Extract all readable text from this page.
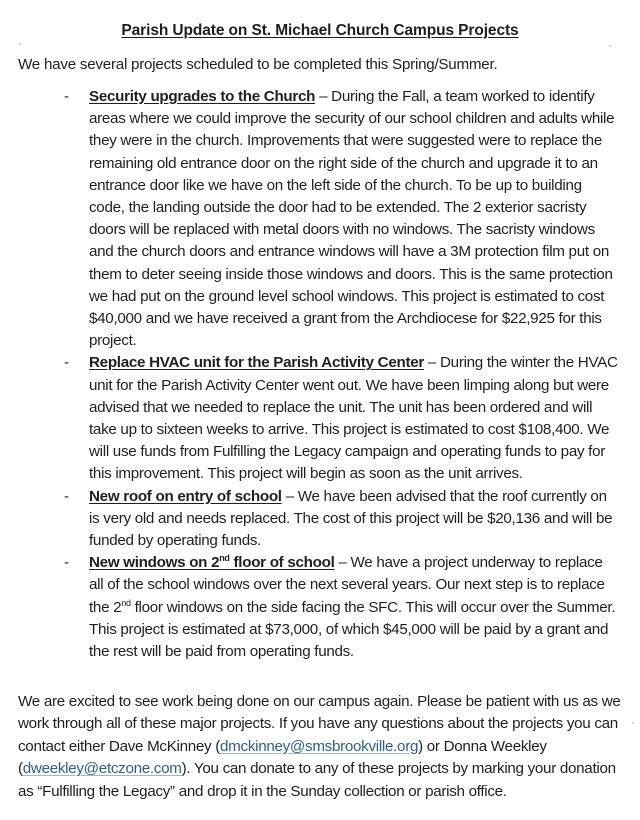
Parish Update on St. Michael Church Campus Projects
We have several projects scheduled to be completed this Spring/Summer.
- Security upgrades to the Church – During the Fall, a team worked to identify areas where we could improve the security of our school children and adults while they were in the church. Improvements that were suggested were to replace the remaining old entrance door on the right side of the church and upgrade it to an entrance door like we have on the left side of the church. To be up to building code, the landing outside the door had to be extended. The 2 exterior sacristy doors will be replaced with metal doors with no windows. The sacristy windows and the church doors and entrance windows will have a 3M protection film put on them to deter seeing inside those windows and doors. This is the same protection we had put on the ground level school windows. This project is estimated to cost $40,000 and we have received a grant from the Archdiocese for $22,925 for this project.
- Replace HVAC unit for the Parish Activity Center – During the winter the HVAC unit for the Parish Activity Center went out. We have been limping along but were advised that we needed to replace the unit. The unit has been ordered and will take up to sixteen weeks to arrive. This project is estimated to cost $108,400. We will use funds from Fulfilling the Legacy campaign and operating funds to pay for this improvement. This project will begin as soon as the unit arrives.
- New roof on entry of school – We have been advised that the roof currently on is very old and needs replaced. The cost of this project will be $20,136 and will be funded by operating funds.
- New windows on 2nd floor of school – We have a project underway to replace all of the school windows over the next several years. Our next step is to replace the 2nd floor windows on the side facing the SFC. This will occur over the Summer. This project is estimated at $73,000, of which $45,000 will be paid by a grant and the rest will be paid from operating funds.
We are excited to see work being done on our campus again. Please be patient with us as we work through all of these major projects. If you have any questions about the projects you can contact either Dave McKinney (dmckinney@smsbrookville.org) or Donna Weekley (dweekley@etczone.com). You can donate to any of these projects by marking your donation as “Fulfilling the Legacy” and drop it in the Sunday collection or parish office.
